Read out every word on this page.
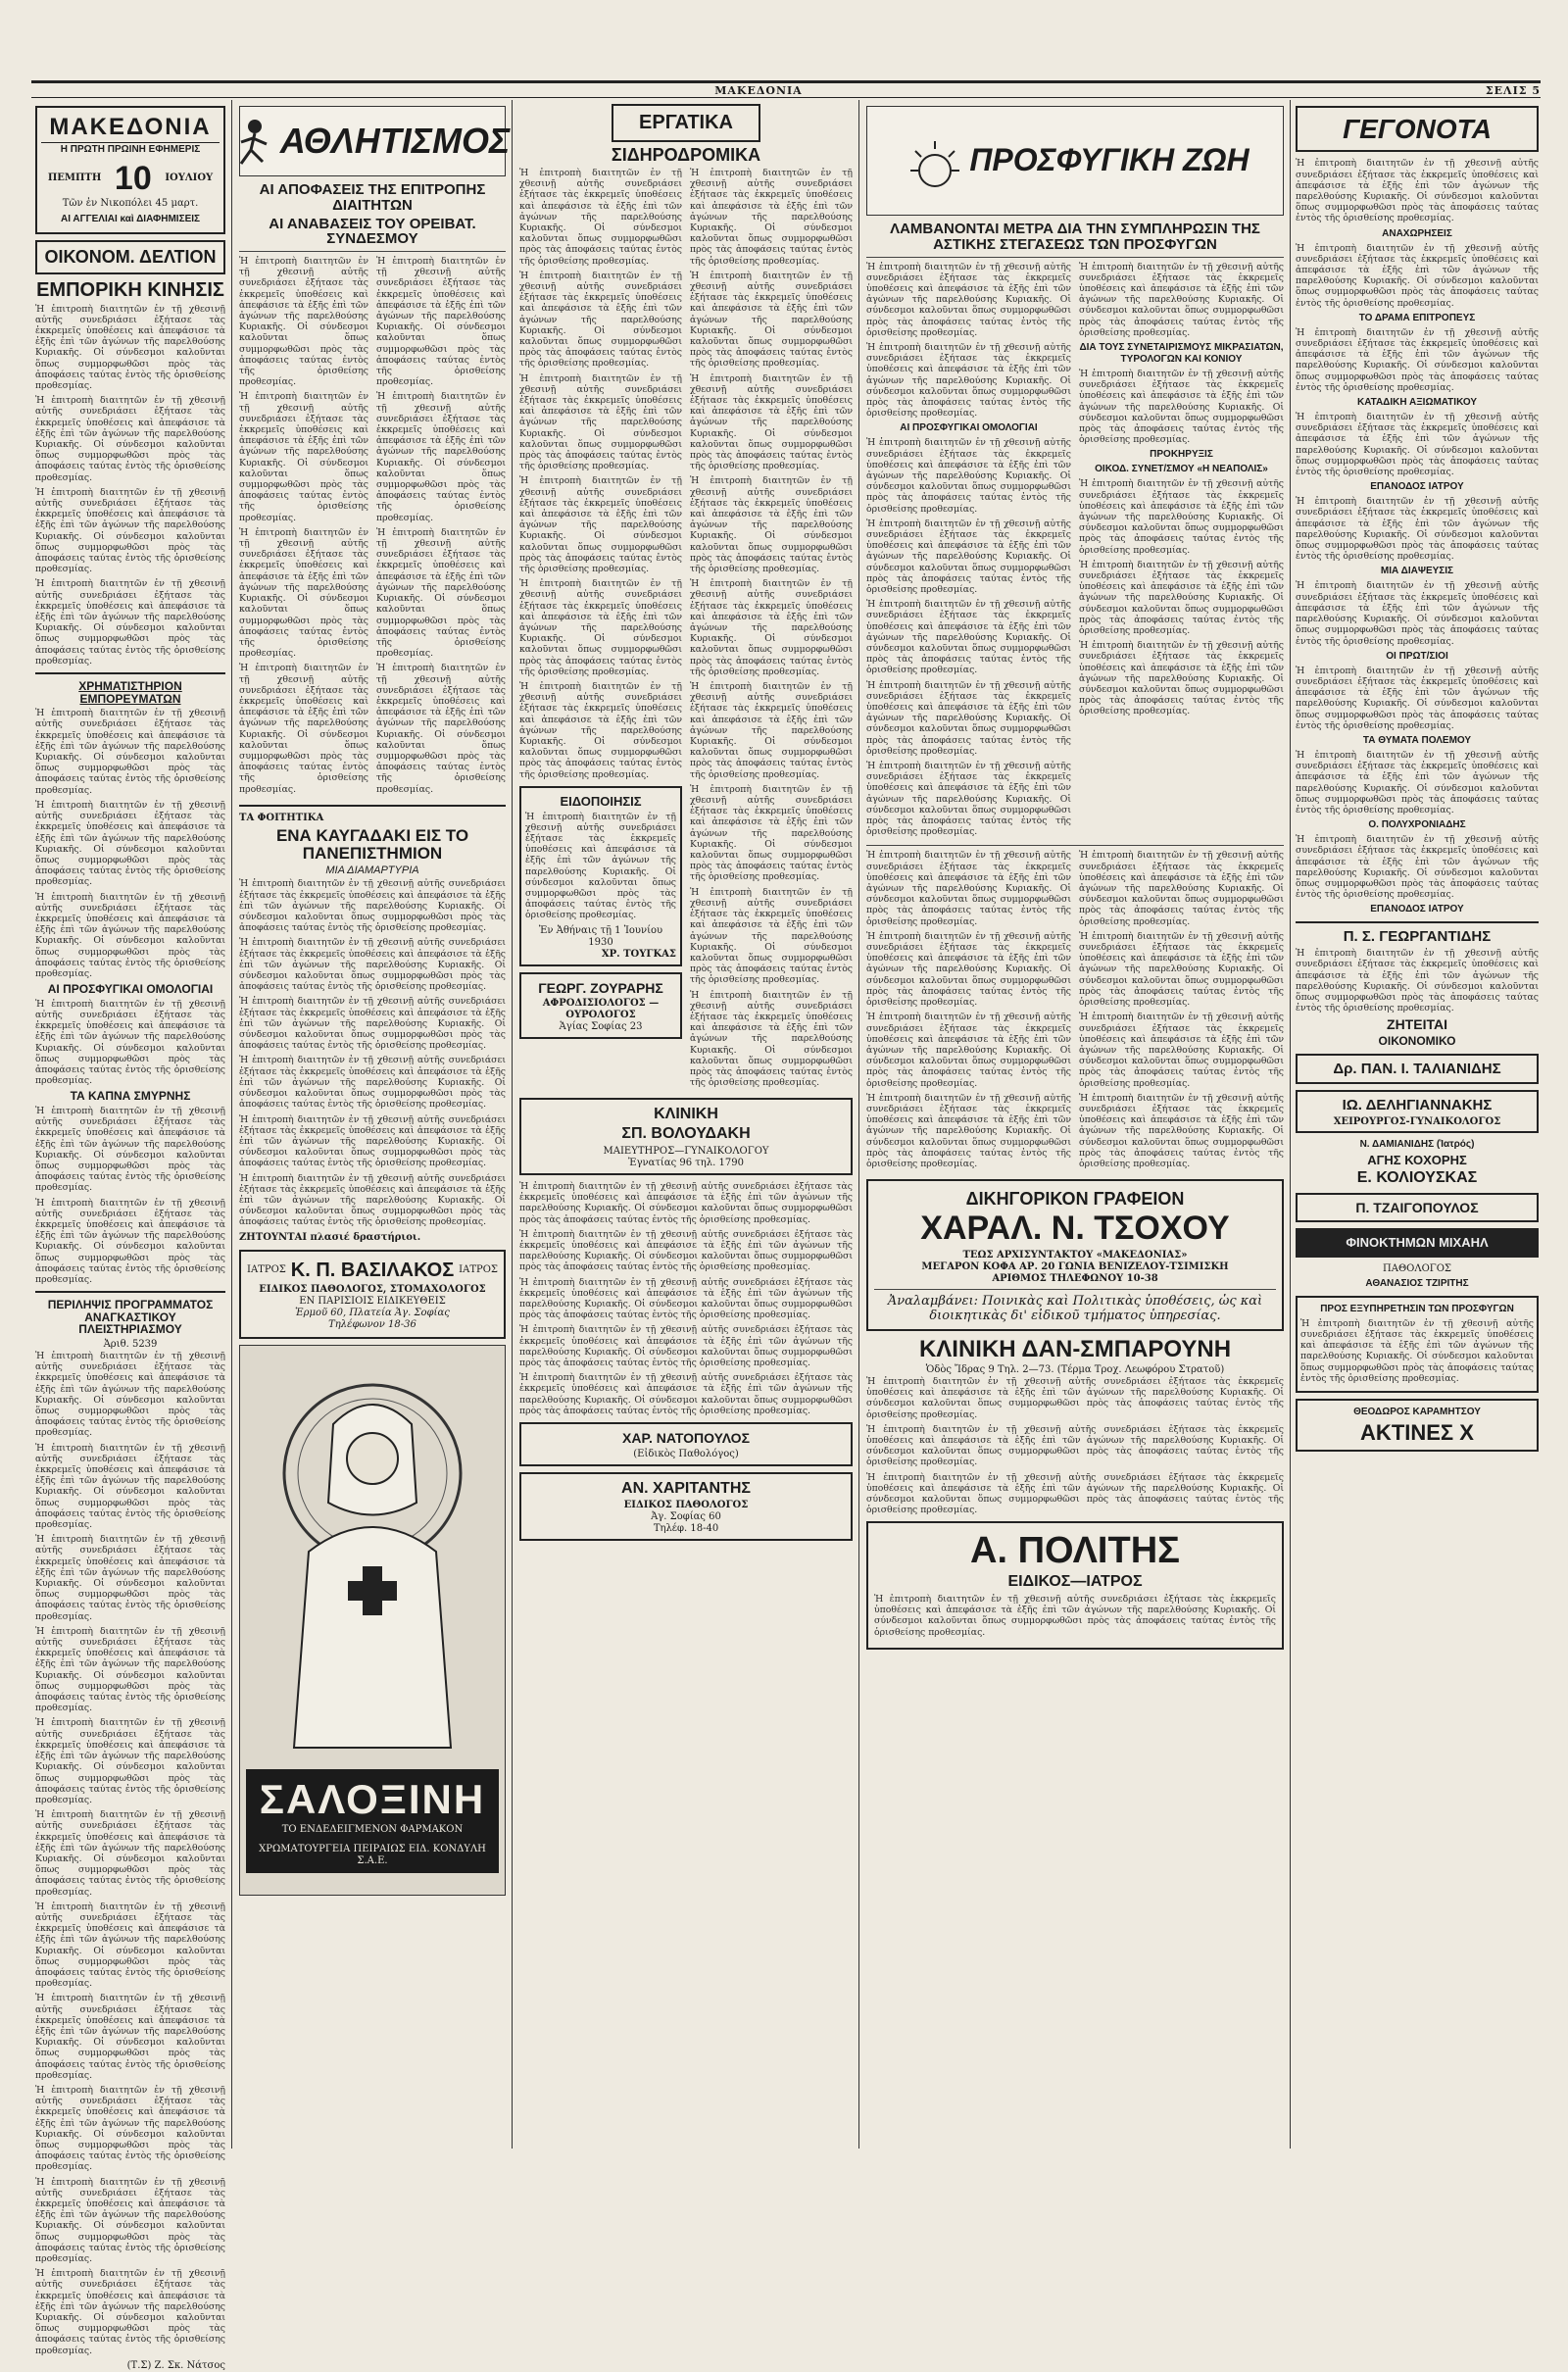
ΜΑΚΕΔΟΝΙΑ	ΣΕΛΙΣ 5
ΜΑΚΕΔΟΝΙΑ
Η ΠΡΩΤΗ ΠΡΩΙΝΗ ΕΦΗΜΕΡΙΣ
ΠΕΜΠΤΗ 10 ΙΟΥΛΙΟΥ
Τῶν ἐν Νικοπόλει 45 μαρτ.
ΑΙ ΑΓΓΕΛΙΑΙ καὶ ΔΙΑΦΗΜΙΣΕΙΣ
ΟΙΚΟΝΟΜ. ΔΕΛΤΙΟΝ
ΕΜΠΟΡΙΚΗ ΚΙΝΗΣΙΣ

Ἡ ἐπιτροπὴ διαιτητῶν ἐν τῇ χθεσινῇ αὐτῆς συνεδριάσει ἐξήτασε τὰς ἐκκρεμεῖς ὑποθέσεις καὶ ἀπεφάσισε τὰ ἑξῆς ἐπὶ τῶν ἀγώνων τῆς παρελθούσης Κυριακῆς. Οἱ σύνδεσμοι καλοῦνται ὅπως συμμορφωθῶσι πρὸς τὰς ἀποφάσεις ταύτας ἐντὸς τῆς ὁρισθείσης προθεσμίας.

Ἡ ἐπιτροπὴ διαιτητῶν ἐν τῇ χθεσινῇ αὐτῆς συνεδριάσει ἐξήτασε τὰς ἐκκρεμεῖς ὑποθέσεις καὶ ἀπεφάσισε τὰ ἑξῆς ἐπὶ τῶν ἀγώνων τῆς παρελθούσης Κυριακῆς. Οἱ σύνδεσμοι καλοῦνται ὅπως συμμορφωθῶσι πρὸς τὰς ἀποφάσεις ταύτας ἐντὸς τῆς ὁρισθείσης προθεσμίας.

Ἡ ἐπιτροπὴ διαιτητῶν ἐν τῇ χθεσινῇ αὐτῆς συνεδριάσει ἐξήτασε τὰς ἐκκρεμεῖς ὑποθέσεις καὶ ἀπεφάσισε τὰ ἑξῆς ἐπὶ τῶν ἀγώνων τῆς παρελθούσης Κυριακῆς. Οἱ σύνδεσμοι καλοῦνται ὅπως συμμορφωθῶσι πρὸς τὰς ἀποφάσεις ταύτας ἐντὸς τῆς ὁρισθείσης προθεσμίας.

Ἡ ἐπιτροπὴ διαιτητῶν ἐν τῇ χθεσινῇ αὐτῆς συνεδριάσει ἐξήτασε τὰς ἐκκρεμεῖς ὑποθέσεις καὶ ἀπεφάσισε τὰ ἑξῆς ἐπὶ τῶν ἀγώνων τῆς παρελθούσης Κυριακῆς. Οἱ σύνδεσμοι καλοῦνται ὅπως συμμορφωθῶσι πρὸς τὰς ἀποφάσεις ταύτας ἐντὸς τῆς ὁρισθείσης προθεσμίας.

ΧΡΗΜΑΤΙΣΤΗΡΙΟΝ ΕΜΠΟΡΕΥΜΑΤΩΝ

Ἡ ἐπιτροπὴ διαιτητῶν ἐν τῇ χθεσινῇ αὐτῆς συνεδριάσει ἐξήτασε τὰς ἐκκρεμεῖς ὑποθέσεις καὶ ἀπεφάσισε τὰ ἑξῆς ἐπὶ τῶν ἀγώνων τῆς παρελθούσης Κυριακῆς. Οἱ σύνδεσμοι καλοῦνται ὅπως συμμορφωθῶσι πρὸς τὰς ἀποφάσεις ταύτας ἐντὸς τῆς ὁρισθείσης προθεσμίας.

Ἡ ἐπιτροπὴ διαιτητῶν ἐν τῇ χθεσινῇ αὐτῆς συνεδριάσει ἐξήτασε τὰς ἐκκρεμεῖς ὑποθέσεις καὶ ἀπεφάσισε τὰ ἑξῆς ἐπὶ τῶν ἀγώνων τῆς παρελθούσης Κυριακῆς. Οἱ σύνδεσμοι καλοῦνται ὅπως συμμορφωθῶσι πρὸς τὰς ἀποφάσεις ταύτας ἐντὸς τῆς ὁρισθείσης προθεσμίας.

Ἡ ἐπιτροπὴ διαιτητῶν ἐν τῇ χθεσινῇ αὐτῆς συνεδριάσει ἐξήτασε τὰς ἐκκρεμεῖς ὑποθέσεις καὶ ἀπεφάσισε τὰ ἑξῆς ἐπὶ τῶν ἀγώνων τῆς παρελθούσης Κυριακῆς. Οἱ σύνδεσμοι καλοῦνται ὅπως συμμορφωθῶσι πρὸς τὰς ἀποφάσεις ταύτας ἐντὸς τῆς ὁρισθείσης προθεσμίας.

ΑΙ ΠΡΟΣΦΥΓΙΚΑΙ ΟΜΟΛΟΓΙΑΙ

Ἡ ἐπιτροπὴ διαιτητῶν ἐν τῇ χθεσινῇ αὐτῆς συνεδριάσει ἐξήτασε τὰς ἐκκρεμεῖς ὑποθέσεις καὶ ἀπεφάσισε τὰ ἑξῆς ἐπὶ τῶν ἀγώνων τῆς παρελθούσης Κυριακῆς. Οἱ σύνδεσμοι καλοῦνται ὅπως συμμορφωθῶσι πρὸς τὰς ἀποφάσεις ταύτας ἐντὸς τῆς ὁρισθείσης προθεσμίας.

ΤΑ ΚΑΠΝΑ ΣΜΥΡΝΗΣ

Ἡ ἐπιτροπὴ διαιτητῶν ἐν τῇ χθεσινῇ αὐτῆς συνεδριάσει ἐξήτασε τὰς ἐκκρεμεῖς ὑποθέσεις καὶ ἀπεφάσισε τὰ ἑξῆς ἐπὶ τῶν ἀγώνων τῆς παρελθούσης Κυριακῆς. Οἱ σύνδεσμοι καλοῦνται ὅπως συμμορφωθῶσι πρὸς τὰς ἀποφάσεις ταύτας ἐντὸς τῆς ὁρισθείσης προθεσμίας.

Ἡ ἐπιτροπὴ διαιτητῶν ἐν τῇ χθεσινῇ αὐτῆς συνεδριάσει ἐξήτασε τὰς ἐκκρεμεῖς ὑποθέσεις καὶ ἀπεφάσισε τὰ ἑξῆς ἐπὶ τῶν ἀγώνων τῆς παρελθούσης Κυριακῆς. Οἱ σύνδεσμοι καλοῦνται ὅπως συμμορφωθῶσι πρὸς τὰς ἀποφάσεις ταύτας ἐντὸς τῆς ὁρισθείσης προθεσμίας.

ΠΕΡΙΛΗΨΙΣ ΠΡΟΓΡΑΜΜΑΤΟΣ ΑΝΑΓΚΑΣΤΙΚΟΥ ΠΛΕΙΣΤΗΡΙΑΣΜΟΥ
Ἀριθ. 5239

Ἡ ἐπιτροπὴ διαιτητῶν ἐν τῇ χθεσινῇ αὐτῆς συνεδριάσει ἐξήτασε τὰς ἐκκρεμεῖς ὑποθέσεις καὶ ἀπεφάσισε τὰ ἑξῆς ἐπὶ τῶν ἀγώνων τῆς παρελθούσης Κυριακῆς. Οἱ σύνδεσμοι καλοῦνται ὅπως συμμορφωθῶσι πρὸς τὰς ἀποφάσεις ταύτας ἐντὸς τῆς ὁρισθείσης προθεσμίας.

Ἡ ἐπιτροπὴ διαιτητῶν ἐν τῇ χθεσινῇ αὐτῆς συνεδριάσει ἐξήτασε τὰς ἐκκρεμεῖς ὑποθέσεις καὶ ἀπεφάσισε τὰ ἑξῆς ἐπὶ τῶν ἀγώνων τῆς παρελθούσης Κυριακῆς. Οἱ σύνδεσμοι καλοῦνται ὅπως συμμορφωθῶσι πρὸς τὰς ἀποφάσεις ταύτας ἐντὸς τῆς ὁρισθείσης προθεσμίας.

Ἡ ἐπιτροπὴ διαιτητῶν ἐν τῇ χθεσινῇ αὐτῆς συνεδριάσει ἐξήτασε τὰς ἐκκρεμεῖς ὑποθέσεις καὶ ἀπεφάσισε τὰ ἑξῆς ἐπὶ τῶν ἀγώνων τῆς παρελθούσης Κυριακῆς. Οἱ σύνδεσμοι καλοῦνται ὅπως συμμορφωθῶσι πρὸς τὰς ἀποφάσεις ταύτας ἐντὸς τῆς ὁρισθείσης προθεσμίας.

Ἡ ἐπιτροπὴ διαιτητῶν ἐν τῇ χθεσινῇ αὐτῆς συνεδριάσει ἐξήτασε τὰς ἐκκρεμεῖς ὑποθέσεις καὶ ἀπεφάσισε τὰ ἑξῆς ἐπὶ τῶν ἀγώνων τῆς παρελθούσης Κυριακῆς. Οἱ σύνδεσμοι καλοῦνται ὅπως συμμορφωθῶσι πρὸς τὰς ἀποφάσεις ταύτας ἐντὸς τῆς ὁρισθείσης προθεσμίας.

Ἡ ἐπιτροπὴ διαιτητῶν ἐν τῇ χθεσινῇ αὐτῆς συνεδριάσει ἐξήτασε τὰς ἐκκρεμεῖς ὑποθέσεις καὶ ἀπεφάσισε τὰ ἑξῆς ἐπὶ τῶν ἀγώνων τῆς παρελθούσης Κυριακῆς. Οἱ σύνδεσμοι καλοῦνται ὅπως συμμορφωθῶσι πρὸς τὰς ἀποφάσεις ταύτας ἐντὸς τῆς ὁρισθείσης προθεσμίας.

Ἡ ἐπιτροπὴ διαιτητῶν ἐν τῇ χθεσινῇ αὐτῆς συνεδριάσει ἐξήτασε τὰς ἐκκρεμεῖς ὑποθέσεις καὶ ἀπεφάσισε τὰ ἑξῆς ἐπὶ τῶν ἀγώνων τῆς παρελθούσης Κυριακῆς. Οἱ σύνδεσμοι καλοῦνται ὅπως συμμορφωθῶσι πρὸς τὰς ἀποφάσεις ταύτας ἐντὸς τῆς ὁρισθείσης προθεσμίας.

Ἡ ἐπιτροπὴ διαιτητῶν ἐν τῇ χθεσινῇ αὐτῆς συνεδριάσει ἐξήτασε τὰς ἐκκρεμεῖς ὑποθέσεις καὶ ἀπεφάσισε τὰ ἑξῆς ἐπὶ τῶν ἀγώνων τῆς παρελθούσης Κυριακῆς. Οἱ σύνδεσμοι καλοῦνται ὅπως συμμορφωθῶσι πρὸς τὰς ἀποφάσεις ταύτας ἐντὸς τῆς ὁρισθείσης προθεσμίας.

Ἡ ἐπιτροπὴ διαιτητῶν ἐν τῇ χθεσινῇ αὐτῆς συνεδριάσει ἐξήτασε τὰς ἐκκρεμεῖς ὑποθέσεις καὶ ἀπεφάσισε τὰ ἑξῆς ἐπὶ τῶν ἀγώνων τῆς παρελθούσης Κυριακῆς. Οἱ σύνδεσμοι καλοῦνται ὅπως συμμορφωθῶσι πρὸς τὰς ἀποφάσεις ταύτας ἐντὸς τῆς ὁρισθείσης προθεσμίας.

Ἡ ἐπιτροπὴ διαιτητῶν ἐν τῇ χθεσινῇ αὐτῆς συνεδριάσει ἐξήτασε τὰς ἐκκρεμεῖς ὑποθέσεις καὶ ἀπεφάσισε τὰ ἑξῆς ἐπὶ τῶν ἀγώνων τῆς παρελθούσης Κυριακῆς. Οἱ σύνδεσμοι καλοῦνται ὅπως συμμορφωθῶσι πρὸς τὰς ἀποφάσεις ταύτας ἐντὸς τῆς ὁρισθείσης προθεσμίας.

Ἡ ἐπιτροπὴ διαιτητῶν ἐν τῇ χθεσινῇ αὐτῆς συνεδριάσει ἐξήτασε τὰς ἐκκρεμεῖς ὑποθέσεις καὶ ἀπεφάσισε τὰ ἑξῆς ἐπὶ τῶν ἀγώνων τῆς παρελθούσης Κυριακῆς. Οἱ σύνδεσμοι καλοῦνται ὅπως συμμορφωθῶσι πρὸς τὰς ἀποφάσεις ταύτας ἐντὸς τῆς ὁρισθείσης προθεσμίας.

Ἡ ἐπιτροπὴ διαιτητῶν ἐν τῇ χθεσινῇ αὐτῆς συνεδριάσει ἐξήτασε τὰς ἐκκρεμεῖς ὑποθέσεις καὶ ἀπεφάσισε τὰ ἑξῆς ἐπὶ τῶν ἀγώνων τῆς παρελθούσης Κυριακῆς. Οἱ σύνδεσμοι καλοῦνται ὅπως συμμορφωθῶσι πρὸς τὰς ἀποφάσεις ταύτας ἐντὸς τῆς ὁρισθείσης προθεσμίας.

(Τ.Σ) Ζ. Σκ. Νάτσος
ΑΘΛΗΤΙΣΜΟΣ
ΑΙ ΑΠΟΦΑΣΕΙΣ ΤΗΣ ΕΠΙΤΡΟΠΗΣ ΔΙΑΙΤΗΤΩΝ
ΑΙ ΑΝΑΒΑΣΕΙΣ ΤΟΥ ΟΡΕΙΒΑΤ. ΣΥΝΔΕΣΜΟΥ

Ἡ ἐπιτροπὴ διαιτητῶν ἐν τῇ χθεσινῇ αὐτῆς συνεδριάσει ἐξήτασε τὰς ἐκκρεμεῖς ὑποθέσεις καὶ ἀπεφάσισε τὰ ἑξῆς ἐπὶ τῶν ἀγώνων τῆς παρελθούσης Κυριακῆς. Οἱ σύνδεσμοι καλοῦνται ὅπως συμμορφωθῶσι πρὸς τὰς ἀποφάσεις ταύτας ἐντὸς τῆς ὁρισθείσης προθεσμίας.

Ἡ ἐπιτροπὴ διαιτητῶν ἐν τῇ χθεσινῇ αὐτῆς συνεδριάσει ἐξήτασε τὰς ἐκκρεμεῖς ὑποθέσεις καὶ ἀπεφάσισε τὰ ἑξῆς ἐπὶ τῶν ἀγώνων τῆς παρελθούσης Κυριακῆς. Οἱ σύνδεσμοι καλοῦνται ὅπως συμμορφωθῶσι πρὸς τὰς ἀποφάσεις ταύτας ἐντὸς τῆς ὁρισθείσης προθεσμίας.

Ἡ ἐπιτροπὴ διαιτητῶν ἐν τῇ χθεσινῇ αὐτῆς συνεδριάσει ἐξήτασε τὰς ἐκκρεμεῖς ὑποθέσεις καὶ ἀπεφάσισε τὰ ἑξῆς ἐπὶ τῶν ἀγώνων τῆς παρελθούσης Κυριακῆς. Οἱ σύνδεσμοι καλοῦνται ὅπως συμμορφωθῶσι πρὸς τὰς ἀποφάσεις ταύτας ἐντὸς τῆς ὁρισθείσης προθεσμίας.

Ἡ ἐπιτροπὴ διαιτητῶν ἐν τῇ χθεσινῇ αὐτῆς συνεδριάσει ἐξήτασε τὰς ἐκκρεμεῖς ὑποθέσεις καὶ ἀπεφάσισε τὰ ἑξῆς ἐπὶ τῶν ἀγώνων τῆς παρελθούσης Κυριακῆς. Οἱ σύνδεσμοι καλοῦνται ὅπως συμμορφωθῶσι πρὸς τὰς ἀποφάσεις ταύτας ἐντὸς τῆς ὁρισθείσης προθεσμίας.

Ἡ ἐπιτροπὴ διαιτητῶν ἐν τῇ χθεσινῇ αὐτῆς συνεδριάσει ἐξήτασε τὰς ἐκκρεμεῖς ὑποθέσεις καὶ ἀπεφάσισε τὰ ἑξῆς ἐπὶ τῶν ἀγώνων τῆς παρελθούσης Κυριακῆς. Οἱ σύνδεσμοι καλοῦνται ὅπως συμμορφωθῶσι πρὸς τὰς ἀποφάσεις ταύτας ἐντὸς τῆς ὁρισθείσης προθεσμίας.

Ἡ ἐπιτροπὴ διαιτητῶν ἐν τῇ χθεσινῇ αὐτῆς συνεδριάσει ἐξήτασε τὰς ἐκκρεμεῖς ὑποθέσεις καὶ ἀπεφάσισε τὰ ἑξῆς ἐπὶ τῶν ἀγώνων τῆς παρελθούσης Κυριακῆς. Οἱ σύνδεσμοι καλοῦνται ὅπως συμμορφωθῶσι πρὸς τὰς ἀποφάσεις ταύτας ἐντὸς τῆς ὁρισθείσης προθεσμίας.

Ἡ ἐπιτροπὴ διαιτητῶν ἐν τῇ χθεσινῇ αὐτῆς συνεδριάσει ἐξήτασε τὰς ἐκκρεμεῖς ὑποθέσεις καὶ ἀπεφάσισε τὰ ἑξῆς ἐπὶ τῶν ἀγώνων τῆς παρελθούσης Κυριακῆς. Οἱ σύνδεσμοι καλοῦνται ὅπως συμμορφωθῶσι πρὸς τὰς ἀποφάσεις ταύτας ἐντὸς τῆς ὁρισθείσης προθεσμίας.

Ἡ ἐπιτροπὴ διαιτητῶν ἐν τῇ χθεσινῇ αὐτῆς συνεδριάσει ἐξήτασε τὰς ἐκκρεμεῖς ὑποθέσεις καὶ ἀπεφάσισε τὰ ἑξῆς ἐπὶ τῶν ἀγώνων τῆς παρελθούσης Κυριακῆς. Οἱ σύνδεσμοι καλοῦνται ὅπως συμμορφωθῶσι πρὸς τὰς ἀποφάσεις ταύτας ἐντὸς τῆς ὁρισθείσης προθεσμίας.

ΤΑ ΦΟΙΤΗΤΙΚΑ
ΕΝΑ ΚΑΥΓΑΔΑΚΙ ΕΙΣ ΤΟ ΠΑΝΕΠΙΣΤΗΜΙΟΝ
ΜΙΑ ΔΙΑΜΑΡΤΥΡΙΑ

Ἡ ἐπιτροπὴ διαιτητῶν ἐν τῇ χθεσινῇ αὐτῆς συνεδριάσει ἐξήτασε τὰς ἐκκρεμεῖς ὑποθέσεις καὶ ἀπεφάσισε τὰ ἑξῆς ἐπὶ τῶν ἀγώνων τῆς παρελθούσης Κυριακῆς. Οἱ σύνδεσμοι καλοῦνται ὅπως συμμορφωθῶσι πρὸς τὰς ἀποφάσεις ταύτας ἐντὸς τῆς ὁρισθείσης προθεσμίας.

Ἡ ἐπιτροπὴ διαιτητῶν ἐν τῇ χθεσινῇ αὐτῆς συνεδριάσει ἐξήτασε τὰς ἐκκρεμεῖς ὑποθέσεις καὶ ἀπεφάσισε τὰ ἑξῆς ἐπὶ τῶν ἀγώνων τῆς παρελθούσης Κυριακῆς. Οἱ σύνδεσμοι καλοῦνται ὅπως συμμορφωθῶσι πρὸς τὰς ἀποφάσεις ταύτας ἐντὸς τῆς ὁρισθείσης προθεσμίας.

Ἡ ἐπιτροπὴ διαιτητῶν ἐν τῇ χθεσινῇ αὐτῆς συνεδριάσει ἐξήτασε τὰς ἐκκρεμεῖς ὑποθέσεις καὶ ἀπεφάσισε τὰ ἑξῆς ἐπὶ τῶν ἀγώνων τῆς παρελθούσης Κυριακῆς. Οἱ σύνδεσμοι καλοῦνται ὅπως συμμορφωθῶσι πρὸς τὰς ἀποφάσεις ταύτας ἐντὸς τῆς ὁρισθείσης προθεσμίας.

Ἡ ἐπιτροπὴ διαιτητῶν ἐν τῇ χθεσινῇ αὐτῆς συνεδριάσει ἐξήτασε τὰς ἐκκρεμεῖς ὑποθέσεις καὶ ἀπεφάσισε τὰ ἑξῆς ἐπὶ τῶν ἀγώνων τῆς παρελθούσης Κυριακῆς. Οἱ σύνδεσμοι καλοῦνται ὅπως συμμορφωθῶσι πρὸς τὰς ἀποφάσεις ταύτας ἐντὸς τῆς ὁρισθείσης προθεσμίας.

Ἡ ἐπιτροπὴ διαιτητῶν ἐν τῇ χθεσινῇ αὐτῆς συνεδριάσει ἐξήτασε τὰς ἐκκρεμεῖς ὑποθέσεις καὶ ἀπεφάσισε τὰ ἑξῆς ἐπὶ τῶν ἀγώνων τῆς παρελθούσης Κυριακῆς. Οἱ σύνδεσμοι καλοῦνται ὅπως συμμορφωθῶσι πρὸς τὰς ἀποφάσεις ταύτας ἐντὸς τῆς ὁρισθείσης προθεσμίας.

Ἡ ἐπιτροπὴ διαιτητῶν ἐν τῇ χθεσινῇ αὐτῆς συνεδριάσει ἐξήτασε τὰς ἐκκρεμεῖς ὑποθέσεις καὶ ἀπεφάσισε τὰ ἑξῆς ἐπὶ τῶν ἀγώνων τῆς παρελθούσης Κυριακῆς. Οἱ σύνδεσμοι καλοῦνται ὅπως συμμορφωθῶσι πρὸς τὰς ἀποφάσεις ταύτας ἐντὸς τῆς ὁρισθείσης προθεσμίας.

ΖΗΤΟΥΝΤΑΙ πλασιέ δραστήριοι.
ΙΑΤΡΟΣ Κ. Π. ΒΑΣΙΛΑΚΟΣ ΙΑΤΡΟΣ
ΕΙΔΙΚΟΣ ΠΑΘΟΛΟΓΟΣ, ΣΤΟΜΑΧΟΛΟΓΟΣ
ΕΝ ΠΑΡΙΣΙΟΙΣ ΕΙΔΙΚΕΥΘΕΙΣ
Ἑρμοῦ 60, Πλατεία Ἁγ. Σοφίας
Τηλέφωνον 18-36
ΣΑΛΟΞΙΝΗ
ΤΟ ΕΝΔΕΔΕΙΓΜΕΝΟΝ ΦΑΡΜΑΚΟΝ
ΧΡΩΜΑΤΟΥΡΓΕΙΑ ΠΕΙΡΑΙΩΣ ΕΙΔ. ΚΟΝΔΥΛΗ Σ.Α.Ε.
ΕΡΓΑΤΙΚΑ
ΣΙΔΗΡΟΔΡΟΜΙΚΑ

Ἡ ἐπιτροπὴ διαιτητῶν ἐν τῇ χθεσινῇ αὐτῆς συνεδριάσει ἐξήτασε τὰς ἐκκρεμεῖς ὑποθέσεις καὶ ἀπεφάσισε τὰ ἑξῆς ἐπὶ τῶν ἀγώνων τῆς παρελθούσης Κυριακῆς. Οἱ σύνδεσμοι καλοῦνται ὅπως συμμορφωθῶσι πρὸς τὰς ἀποφάσεις ταύτας ἐντὸς τῆς ὁρισθείσης προθεσμίας.

Ἡ ἐπιτροπὴ διαιτητῶν ἐν τῇ χθεσινῇ αὐτῆς συνεδριάσει ἐξήτασε τὰς ἐκκρεμεῖς ὑποθέσεις καὶ ἀπεφάσισε τὰ ἑξῆς ἐπὶ τῶν ἀγώνων τῆς παρελθούσης Κυριακῆς. Οἱ σύνδεσμοι καλοῦνται ὅπως συμμορφωθῶσι πρὸς τὰς ἀποφάσεις ταύτας ἐντὸς τῆς ὁρισθείσης προθεσμίας.

Ἡ ἐπιτροπὴ διαιτητῶν ἐν τῇ χθεσινῇ αὐτῆς συνεδριάσει ἐξήτασε τὰς ἐκκρεμεῖς ὑποθέσεις καὶ ἀπεφάσισε τὰ ἑξῆς ἐπὶ τῶν ἀγώνων τῆς παρελθούσης Κυριακῆς. Οἱ σύνδεσμοι καλοῦνται ὅπως συμμορφωθῶσι πρὸς τὰς ἀποφάσεις ταύτας ἐντὸς τῆς ὁρισθείσης προθεσμίας.

Ἡ ἐπιτροπὴ διαιτητῶν ἐν τῇ χθεσινῇ αὐτῆς συνεδριάσει ἐξήτασε τὰς ἐκκρεμεῖς ὑποθέσεις καὶ ἀπεφάσισε τὰ ἑξῆς ἐπὶ τῶν ἀγώνων τῆς παρελθούσης Κυριακῆς. Οἱ σύνδεσμοι καλοῦνται ὅπως συμμορφωθῶσι πρὸς τὰς ἀποφάσεις ταύτας ἐντὸς τῆς ὁρισθείσης προθεσμίας.

Ἡ ἐπιτροπὴ διαιτητῶν ἐν τῇ χθεσινῇ αὐτῆς συνεδριάσει ἐξήτασε τὰς ἐκκρεμεῖς ὑποθέσεις καὶ ἀπεφάσισε τὰ ἑξῆς ἐπὶ τῶν ἀγώνων τῆς παρελθούσης Κυριακῆς. Οἱ σύνδεσμοι καλοῦνται ὅπως συμμορφωθῶσι πρὸς τὰς ἀποφάσεις ταύτας ἐντὸς τῆς ὁρισθείσης προθεσμίας.

Ἡ ἐπιτροπὴ διαιτητῶν ἐν τῇ χθεσινῇ αὐτῆς συνεδριάσει ἐξήτασε τὰς ἐκκρεμεῖς ὑποθέσεις καὶ ἀπεφάσισε τὰ ἑξῆς ἐπὶ τῶν ἀγώνων τῆς παρελθούσης Κυριακῆς. Οἱ σύνδεσμοι καλοῦνται ὅπως συμμορφωθῶσι πρὸς τὰς ἀποφάσεις ταύτας ἐντὸς τῆς ὁρισθείσης προθεσμίας.

ΕΙΔΟΠΟΙΗΣΙΣ

Ἡ ἐπιτροπὴ διαιτητῶν ἐν τῇ χθεσινῇ αὐτῆς συνεδριάσει ἐξήτασε τὰς ἐκκρεμεῖς ὑποθέσεις καὶ ἀπεφάσισε τὰ ἑξῆς ἐπὶ τῶν ἀγώνων τῆς παρελθούσης Κυριακῆς. Οἱ σύνδεσμοι καλοῦνται ὅπως συμμορφωθῶσι πρὸς τὰς ἀποφάσεις ταύτας ἐντὸς τῆς ὁρισθείσης προθεσμίας.

Ἐν Ἀθήναις τῇ 1 Ἰουνίου 1930
ΧΡ. ΤΟΥΓΚΑΣ
ΓΕΩΡΓ. ΖΟΥΡΑΡΗΣ
ΑΦΡΟΔΙΣΙΟΛΟΓΟΣ — ΟΥΡΟΛΟΓΟΣ
Ἁγίας Σοφίας 23

Ἡ ἐπιτροπὴ διαιτητῶν ἐν τῇ χθεσινῇ αὐτῆς συνεδριάσει ἐξήτασε τὰς ἐκκρεμεῖς ὑποθέσεις καὶ ἀπεφάσισε τὰ ἑξῆς ἐπὶ τῶν ἀγώνων τῆς παρελθούσης Κυριακῆς. Οἱ σύνδεσμοι καλοῦνται ὅπως συμμορφωθῶσι πρὸς τὰς ἀποφάσεις ταύτας ἐντὸς τῆς ὁρισθείσης προθεσμίας.

Ἡ ἐπιτροπὴ διαιτητῶν ἐν τῇ χθεσινῇ αὐτῆς συνεδριάσει ἐξήτασε τὰς ἐκκρεμεῖς ὑποθέσεις καὶ ἀπεφάσισε τὰ ἑξῆς ἐπὶ τῶν ἀγώνων τῆς παρελθούσης Κυριακῆς. Οἱ σύνδεσμοι καλοῦνται ὅπως συμμορφωθῶσι πρὸς τὰς ἀποφάσεις ταύτας ἐντὸς τῆς ὁρισθείσης προθεσμίας.

Ἡ ἐπιτροπὴ διαιτητῶν ἐν τῇ χθεσινῇ αὐτῆς συνεδριάσει ἐξήτασε τὰς ἐκκρεμεῖς ὑποθέσεις καὶ ἀπεφάσισε τὰ ἑξῆς ἐπὶ τῶν ἀγώνων τῆς παρελθούσης Κυριακῆς. Οἱ σύνδεσμοι καλοῦνται ὅπως συμμορφωθῶσι πρὸς τὰς ἀποφάσεις ταύτας ἐντὸς τῆς ὁρισθείσης προθεσμίας.

Ἡ ἐπιτροπὴ διαιτητῶν ἐν τῇ χθεσινῇ αὐτῆς συνεδριάσει ἐξήτασε τὰς ἐκκρεμεῖς ὑποθέσεις καὶ ἀπεφάσισε τὰ ἑξῆς ἐπὶ τῶν ἀγώνων τῆς παρελθούσης Κυριακῆς. Οἱ σύνδεσμοι καλοῦνται ὅπως συμμορφωθῶσι πρὸς τὰς ἀποφάσεις ταύτας ἐντὸς τῆς ὁρισθείσης προθεσμίας.

Ἡ ἐπιτροπὴ διαιτητῶν ἐν τῇ χθεσινῇ αὐτῆς συνεδριάσει ἐξήτασε τὰς ἐκκρεμεῖς ὑποθέσεις καὶ ἀπεφάσισε τὰ ἑξῆς ἐπὶ τῶν ἀγώνων τῆς παρελθούσης Κυριακῆς. Οἱ σύνδεσμοι καλοῦνται ὅπως συμμορφωθῶσι πρὸς τὰς ἀποφάσεις ταύτας ἐντὸς τῆς ὁρισθείσης προθεσμίας.

Ἡ ἐπιτροπὴ διαιτητῶν ἐν τῇ χθεσινῇ αὐτῆς συνεδριάσει ἐξήτασε τὰς ἐκκρεμεῖς ὑποθέσεις καὶ ἀπεφάσισε τὰ ἑξῆς ἐπὶ τῶν ἀγώνων τῆς παρελθούσης Κυριακῆς. Οἱ σύνδεσμοι καλοῦνται ὅπως συμμορφωθῶσι πρὸς τὰς ἀποφάσεις ταύτας ἐντὸς τῆς ὁρισθείσης προθεσμίας.

Ἡ ἐπιτροπὴ διαιτητῶν ἐν τῇ χθεσινῇ αὐτῆς συνεδριάσει ἐξήτασε τὰς ἐκκρεμεῖς ὑποθέσεις καὶ ἀπεφάσισε τὰ ἑξῆς ἐπὶ τῶν ἀγώνων τῆς παρελθούσης Κυριακῆς. Οἱ σύνδεσμοι καλοῦνται ὅπως συμμορφωθῶσι πρὸς τὰς ἀποφάσεις ταύτας ἐντὸς τῆς ὁρισθείσης προθεσμίας.

Ἡ ἐπιτροπὴ διαιτητῶν ἐν τῇ χθεσινῇ αὐτῆς συνεδριάσει ἐξήτασε τὰς ἐκκρεμεῖς ὑποθέσεις καὶ ἀπεφάσισε τὰ ἑξῆς ἐπὶ τῶν ἀγώνων τῆς παρελθούσης Κυριακῆς. Οἱ σύνδεσμοι καλοῦνται ὅπως συμμορφωθῶσι πρὸς τὰς ἀποφάσεις ταύτας ἐντὸς τῆς ὁρισθείσης προθεσμίας.

Ἡ ἐπιτροπὴ διαιτητῶν ἐν τῇ χθεσινῇ αὐτῆς συνεδριάσει ἐξήτασε τὰς ἐκκρεμεῖς ὑποθέσεις καὶ ἀπεφάσισε τὰ ἑξῆς ἐπὶ τῶν ἀγώνων τῆς παρελθούσης Κυριακῆς. Οἱ σύνδεσμοι καλοῦνται ὅπως συμμορφωθῶσι πρὸς τὰς ἀποφάσεις ταύτας ἐντὸς τῆς ὁρισθείσης προθεσμίας.

ΚΛΙΝΙΚΗ
ΣΠ. ΒΟΛΟΥΔΑΚΗ
ΜΑΙΕΥΤΗΡΟΣ—ΓΥΝΑΙΚΟΛΟΓΟΥ
Ἐγνατίας 96 τηλ. 1790

Ἡ ἐπιτροπὴ διαιτητῶν ἐν τῇ χθεσινῇ αὐτῆς συνεδριάσει ἐξήτασε τὰς ἐκκρεμεῖς ὑποθέσεις καὶ ἀπεφάσισε τὰ ἑξῆς ἐπὶ τῶν ἀγώνων τῆς παρελθούσης Κυριακῆς. Οἱ σύνδεσμοι καλοῦνται ὅπως συμμορφωθῶσι πρὸς τὰς ἀποφάσεις ταύτας ἐντὸς τῆς ὁρισθείσης προθεσμίας.

Ἡ ἐπιτροπὴ διαιτητῶν ἐν τῇ χθεσινῇ αὐτῆς συνεδριάσει ἐξήτασε τὰς ἐκκρεμεῖς ὑποθέσεις καὶ ἀπεφάσισε τὰ ἑξῆς ἐπὶ τῶν ἀγώνων τῆς παρελθούσης Κυριακῆς. Οἱ σύνδεσμοι καλοῦνται ὅπως συμμορφωθῶσι πρὸς τὰς ἀποφάσεις ταύτας ἐντὸς τῆς ὁρισθείσης προθεσμίας.

Ἡ ἐπιτροπὴ διαιτητῶν ἐν τῇ χθεσινῇ αὐτῆς συνεδριάσει ἐξήτασε τὰς ἐκκρεμεῖς ὑποθέσεις καὶ ἀπεφάσισε τὰ ἑξῆς ἐπὶ τῶν ἀγώνων τῆς παρελθούσης Κυριακῆς. Οἱ σύνδεσμοι καλοῦνται ὅπως συμμορφωθῶσι πρὸς τὰς ἀποφάσεις ταύτας ἐντὸς τῆς ὁρισθείσης προθεσμίας.

Ἡ ἐπιτροπὴ διαιτητῶν ἐν τῇ χθεσινῇ αὐτῆς συνεδριάσει ἐξήτασε τὰς ἐκκρεμεῖς ὑποθέσεις καὶ ἀπεφάσισε τὰ ἑξῆς ἐπὶ τῶν ἀγώνων τῆς παρελθούσης Κυριακῆς. Οἱ σύνδεσμοι καλοῦνται ὅπως συμμορφωθῶσι πρὸς τὰς ἀποφάσεις ταύτας ἐντὸς τῆς ὁρισθείσης προθεσμίας.

Ἡ ἐπιτροπὴ διαιτητῶν ἐν τῇ χθεσινῇ αὐτῆς συνεδριάσει ἐξήτασε τὰς ἐκκρεμεῖς ὑποθέσεις καὶ ἀπεφάσισε τὰ ἑξῆς ἐπὶ τῶν ἀγώνων τῆς παρελθούσης Κυριακῆς. Οἱ σύνδεσμοι καλοῦνται ὅπως συμμορφωθῶσι πρὸς τὰς ἀποφάσεις ταύτας ἐντὸς τῆς ὁρισθείσης προθεσμίας.

ΧΑΡ. ΝΑΤΟΠΟΥΛΟΣ
(Εἰδικὸς Παθολόγος)
ΑΝ. ΧΑΡΙΤΑΝΤΗΣ
ΕΙΔΙΚΟΣ ΠΑΘΟΛΟΓΟΣ
Ἀγ. Σοφίας 60
Τηλέφ. 18-40
ΠΡΟΣΦΥΓΙΚΗ ΖΩΗ
ΛΑΜΒΑΝΟΝΤΑΙ ΜΕΤΡΑ ΔΙΑ ΤΗΝ ΣΥΜΠΛΗΡΩΣΙΝ ΤΗΣ ΑΣΤΙΚΗΣ ΣΤΕΓΑΣΕΩΣ ΤΩΝ ΠΡΟΣΦΥΓΩΝ

Ἡ ἐπιτροπὴ διαιτητῶν ἐν τῇ χθεσινῇ αὐτῆς συνεδριάσει ἐξήτασε τὰς ἐκκρεμεῖς ὑποθέσεις καὶ ἀπεφάσισε τὰ ἑξῆς ἐπὶ τῶν ἀγώνων τῆς παρελθούσης Κυριακῆς. Οἱ σύνδεσμοι καλοῦνται ὅπως συμμορφωθῶσι πρὸς τὰς ἀποφάσεις ταύτας ἐντὸς τῆς ὁρισθείσης προθεσμίας.

Ἡ ἐπιτροπὴ διαιτητῶν ἐν τῇ χθεσινῇ αὐτῆς συνεδριάσει ἐξήτασε τὰς ἐκκρεμεῖς ὑποθέσεις καὶ ἀπεφάσισε τὰ ἑξῆς ἐπὶ τῶν ἀγώνων τῆς παρελθούσης Κυριακῆς. Οἱ σύνδεσμοι καλοῦνται ὅπως συμμορφωθῶσι πρὸς τὰς ἀποφάσεις ταύτας ἐντὸς τῆς ὁρισθείσης προθεσμίας.

ΑΙ ΠΡΟΣΦΥΓΙΚΑΙ ΟΜΟΛΟΓΙΑΙ

Ἡ ἐπιτροπὴ διαιτητῶν ἐν τῇ χθεσινῇ αὐτῆς συνεδριάσει ἐξήτασε τὰς ἐκκρεμεῖς ὑποθέσεις καὶ ἀπεφάσισε τὰ ἑξῆς ἐπὶ τῶν ἀγώνων τῆς παρελθούσης Κυριακῆς. Οἱ σύνδεσμοι καλοῦνται ὅπως συμμορφωθῶσι πρὸς τὰς ἀποφάσεις ταύτας ἐντὸς τῆς ὁρισθείσης προθεσμίας.

Ἡ ἐπιτροπὴ διαιτητῶν ἐν τῇ χθεσινῇ αὐτῆς συνεδριάσει ἐξήτασε τὰς ἐκκρεμεῖς ὑποθέσεις καὶ ἀπεφάσισε τὰ ἑξῆς ἐπὶ τῶν ἀγώνων τῆς παρελθούσης Κυριακῆς. Οἱ σύνδεσμοι καλοῦνται ὅπως συμμορφωθῶσι πρὸς τὰς ἀποφάσεις ταύτας ἐντὸς τῆς ὁρισθείσης προθεσμίας.

Ἡ ἐπιτροπὴ διαιτητῶν ἐν τῇ χθεσινῇ αὐτῆς συνεδριάσει ἐξήτασε τὰς ἐκκρεμεῖς ὑποθέσεις καὶ ἀπεφάσισε τὰ ἑξῆς ἐπὶ τῶν ἀγώνων τῆς παρελθούσης Κυριακῆς. Οἱ σύνδεσμοι καλοῦνται ὅπως συμμορφωθῶσι πρὸς τὰς ἀποφάσεις ταύτας ἐντὸς τῆς ὁρισθείσης προθεσμίας.

Ἡ ἐπιτροπὴ διαιτητῶν ἐν τῇ χθεσινῇ αὐτῆς συνεδριάσει ἐξήτασε τὰς ἐκκρεμεῖς ὑποθέσεις καὶ ἀπεφάσισε τὰ ἑξῆς ἐπὶ τῶν ἀγώνων τῆς παρελθούσης Κυριακῆς. Οἱ σύνδεσμοι καλοῦνται ὅπως συμμορφωθῶσι πρὸς τὰς ἀποφάσεις ταύτας ἐντὸς τῆς ὁρισθείσης προθεσμίας.

Ἡ ἐπιτροπὴ διαιτητῶν ἐν τῇ χθεσινῇ αὐτῆς συνεδριάσει ἐξήτασε τὰς ἐκκρεμεῖς ὑποθέσεις καὶ ἀπεφάσισε τὰ ἑξῆς ἐπὶ τῶν ἀγώνων τῆς παρελθούσης Κυριακῆς. Οἱ σύνδεσμοι καλοῦνται ὅπως συμμορφωθῶσι πρὸς τὰς ἀποφάσεις ταύτας ἐντὸς τῆς ὁρισθείσης προθεσμίας.

Ἡ ἐπιτροπὴ διαιτητῶν ἐν τῇ χθεσινῇ αὐτῆς συνεδριάσει ἐξήτασε τὰς ἐκκρεμεῖς ὑποθέσεις καὶ ἀπεφάσισε τὰ ἑξῆς ἐπὶ τῶν ἀγώνων τῆς παρελθούσης Κυριακῆς. Οἱ σύνδεσμοι καλοῦνται ὅπως συμμορφωθῶσι πρὸς τὰς ἀποφάσεις ταύτας ἐντὸς τῆς ὁρισθείσης προθεσμίας.

ΔΙΑ ΤΟΥΣ ΣΥΝΕΤΑΙΡΙΣΜΟΥΣ ΜΙΚΡΑΣΙΑΤΩΝ, ΤΥΡΟΛΟΓΩΝ ΚΑΙ ΚΟΝΙΟΥ

Ἡ ἐπιτροπὴ διαιτητῶν ἐν τῇ χθεσινῇ αὐτῆς συνεδριάσει ἐξήτασε τὰς ἐκκρεμεῖς ὑποθέσεις καὶ ἀπεφάσισε τὰ ἑξῆς ἐπὶ τῶν ἀγώνων τῆς παρελθούσης Κυριακῆς. Οἱ σύνδεσμοι καλοῦνται ὅπως συμμορφωθῶσι πρὸς τὰς ἀποφάσεις ταύτας ἐντὸς τῆς ὁρισθείσης προθεσμίας.

ΠΡΟΚΗΡΥΞΙΣ
ΟΙΚΟΔ. ΣΥΝΕΤ/ΣΜΟΥ «Η ΝΕΑΠΟΛΙΣ»

Ἡ ἐπιτροπὴ διαιτητῶν ἐν τῇ χθεσινῇ αὐτῆς συνεδριάσει ἐξήτασε τὰς ἐκκρεμεῖς ὑποθέσεις καὶ ἀπεφάσισε τὰ ἑξῆς ἐπὶ τῶν ἀγώνων τῆς παρελθούσης Κυριακῆς. Οἱ σύνδεσμοι καλοῦνται ὅπως συμμορφωθῶσι πρὸς τὰς ἀποφάσεις ταύτας ἐντὸς τῆς ὁρισθείσης προθεσμίας.

Ἡ ἐπιτροπὴ διαιτητῶν ἐν τῇ χθεσινῇ αὐτῆς συνεδριάσει ἐξήτασε τὰς ἐκκρεμεῖς ὑποθέσεις καὶ ἀπεφάσισε τὰ ἑξῆς ἐπὶ τῶν ἀγώνων τῆς παρελθούσης Κυριακῆς. Οἱ σύνδεσμοι καλοῦνται ὅπως συμμορφωθῶσι πρὸς τὰς ἀποφάσεις ταύτας ἐντὸς τῆς ὁρισθείσης προθεσμίας.

Ἡ ἐπιτροπὴ διαιτητῶν ἐν τῇ χθεσινῇ αὐτῆς συνεδριάσει ἐξήτασε τὰς ἐκκρεμεῖς ὑποθέσεις καὶ ἀπεφάσισε τὰ ἑξῆς ἐπὶ τῶν ἀγώνων τῆς παρελθούσης Κυριακῆς. Οἱ σύνδεσμοι καλοῦνται ὅπως συμμορφωθῶσι πρὸς τὰς ἀποφάσεις ταύτας ἐντὸς τῆς ὁρισθείσης προθεσμίας.

Ἡ ἐπιτροπὴ διαιτητῶν ἐν τῇ χθεσινῇ αὐτῆς συνεδριάσει ἐξήτασε τὰς ἐκκρεμεῖς ὑποθέσεις καὶ ἀπεφάσισε τὰ ἑξῆς ἐπὶ τῶν ἀγώνων τῆς παρελθούσης Κυριακῆς. Οἱ σύνδεσμοι καλοῦνται ὅπως συμμορφωθῶσι πρὸς τὰς ἀποφάσεις ταύτας ἐντὸς τῆς ὁρισθείσης προθεσμίας.

Ἡ ἐπιτροπὴ διαιτητῶν ἐν τῇ χθεσινῇ αὐτῆς συνεδριάσει ἐξήτασε τὰς ἐκκρεμεῖς ὑποθέσεις καὶ ἀπεφάσισε τὰ ἑξῆς ἐπὶ τῶν ἀγώνων τῆς παρελθούσης Κυριακῆς. Οἱ σύνδεσμοι καλοῦνται ὅπως συμμορφωθῶσι πρὸς τὰς ἀποφάσεις ταύτας ἐντὸς τῆς ὁρισθείσης προθεσμίας.

Ἡ ἐπιτροπὴ διαιτητῶν ἐν τῇ χθεσινῇ αὐτῆς συνεδριάσει ἐξήτασε τὰς ἐκκρεμεῖς ὑποθέσεις καὶ ἀπεφάσισε τὰ ἑξῆς ἐπὶ τῶν ἀγώνων τῆς παρελθούσης Κυριακῆς. Οἱ σύνδεσμοι καλοῦνται ὅπως συμμορφωθῶσι πρὸς τὰς ἀποφάσεις ταύτας ἐντὸς τῆς ὁρισθείσης προθεσμίας.

Ἡ ἐπιτροπὴ διαιτητῶν ἐν τῇ χθεσινῇ αὐτῆς συνεδριάσει ἐξήτασε τὰς ἐκκρεμεῖς ὑποθέσεις καὶ ἀπεφάσισε τὰ ἑξῆς ἐπὶ τῶν ἀγώνων τῆς παρελθούσης Κυριακῆς. Οἱ σύνδεσμοι καλοῦνται ὅπως συμμορφωθῶσι πρὸς τὰς ἀποφάσεις ταύτας ἐντὸς τῆς ὁρισθείσης προθεσμίας.

Ἡ ἐπιτροπὴ διαιτητῶν ἐν τῇ χθεσινῇ αὐτῆς συνεδριάσει ἐξήτασε τὰς ἐκκρεμεῖς ὑποθέσεις καὶ ἀπεφάσισε τὰ ἑξῆς ἐπὶ τῶν ἀγώνων τῆς παρελθούσης Κυριακῆς. Οἱ σύνδεσμοι καλοῦνται ὅπως συμμορφωθῶσι πρὸς τὰς ἀποφάσεις ταύτας ἐντὸς τῆς ὁρισθείσης προθεσμίας.

Ἡ ἐπιτροπὴ διαιτητῶν ἐν τῇ χθεσινῇ αὐτῆς συνεδριάσει ἐξήτασε τὰς ἐκκρεμεῖς ὑποθέσεις καὶ ἀπεφάσισε τὰ ἑξῆς ἐπὶ τῶν ἀγώνων τῆς παρελθούσης Κυριακῆς. Οἱ σύνδεσμοι καλοῦνται ὅπως συμμορφωθῶσι πρὸς τὰς ἀποφάσεις ταύτας ἐντὸς τῆς ὁρισθείσης προθεσμίας.

Ἡ ἐπιτροπὴ διαιτητῶν ἐν τῇ χθεσινῇ αὐτῆς συνεδριάσει ἐξήτασε τὰς ἐκκρεμεῖς ὑποθέσεις καὶ ἀπεφάσισε τὰ ἑξῆς ἐπὶ τῶν ἀγώνων τῆς παρελθούσης Κυριακῆς. Οἱ σύνδεσμοι καλοῦνται ὅπως συμμορφωθῶσι πρὸς τὰς ἀποφάσεις ταύτας ἐντὸς τῆς ὁρισθείσης προθεσμίας.

Ἡ ἐπιτροπὴ διαιτητῶν ἐν τῇ χθεσινῇ αὐτῆς συνεδριάσει ἐξήτασε τὰς ἐκκρεμεῖς ὑποθέσεις καὶ ἀπεφάσισε τὰ ἑξῆς ἐπὶ τῶν ἀγώνων τῆς παρελθούσης Κυριακῆς. Οἱ σύνδεσμοι καλοῦνται ὅπως συμμορφωθῶσι πρὸς τὰς ἀποφάσεις ταύτας ἐντὸς τῆς ὁρισθείσης προθεσμίας.

ΔΙΚΗΓΟΡΙΚΟΝ ΓΡΑΦΕΙΟΝ
ΧΑΡΑΛ. Ν. ΤΣΟΧΟΥ
ΤΕΩΣ ΑΡΧΙΣΥΝΤΑΚΤΟΥ «ΜΑΚΕΔΟΝΙΑΣ»
ΜΕΓΑΡΟΝ ΚΟΦΑ ΑΡ. 20 ΓΩΝΙΑ ΒΕΝΙΖΕΛΟΥ-ΤΣΙΜΙΣΚΗ
ΑΡΙΘΜΟΣ ΤΗΛΕΦΩΝΟΥ 10-38
Ἀναλαμβάνει: Ποινικὰς καὶ Πολιτικὰς ὑποθέσεις, ὡς καὶ διοικητικὰς δι' εἰδικοῦ τμήματος ὑπηρεσίας.
ΚΛΙΝΙΚΗ ΔΑΝ-ΣΜΠΑΡΟΥΝΗ
Ὁδὸς Ἴδρας 9 Τηλ. 2—73. (Τέρμα Τροχ. Λεωφόρου Στρατοῦ)

Ἡ ἐπιτροπὴ διαιτητῶν ἐν τῇ χθεσινῇ αὐτῆς συνεδριάσει ἐξήτασε τὰς ἐκκρεμεῖς ὑποθέσεις καὶ ἀπεφάσισε τὰ ἑξῆς ἐπὶ τῶν ἀγώνων τῆς παρελθούσης Κυριακῆς. Οἱ σύνδεσμοι καλοῦνται ὅπως συμμορφωθῶσι πρὸς τὰς ἀποφάσεις ταύτας ἐντὸς τῆς ὁρισθείσης προθεσμίας.

Ἡ ἐπιτροπὴ διαιτητῶν ἐν τῇ χθεσινῇ αὐτῆς συνεδριάσει ἐξήτασε τὰς ἐκκρεμεῖς ὑποθέσεις καὶ ἀπεφάσισε τὰ ἑξῆς ἐπὶ τῶν ἀγώνων τῆς παρελθούσης Κυριακῆς. Οἱ σύνδεσμοι καλοῦνται ὅπως συμμορφωθῶσι πρὸς τὰς ἀποφάσεις ταύτας ἐντὸς τῆς ὁρισθείσης προθεσμίας.

Ἡ ἐπιτροπὴ διαιτητῶν ἐν τῇ χθεσινῇ αὐτῆς συνεδριάσει ἐξήτασε τὰς ἐκκρεμεῖς ὑποθέσεις καὶ ἀπεφάσισε τὰ ἑξῆς ἐπὶ τῶν ἀγώνων τῆς παρελθούσης Κυριακῆς. Οἱ σύνδεσμοι καλοῦνται ὅπως συμμορφωθῶσι πρὸς τὰς ἀποφάσεις ταύτας ἐντὸς τῆς ὁρισθείσης προθεσμίας.

Α. ΠΟΛΙΤΗΣ
ΕΙΔΙΚΟΣ—ΙΑΤΡΟΣ

Ἡ ἐπιτροπὴ διαιτητῶν ἐν τῇ χθεσινῇ αὐτῆς συνεδριάσει ἐξήτασε τὰς ἐκκρεμεῖς ὑποθέσεις καὶ ἀπεφάσισε τὰ ἑξῆς ἐπὶ τῶν ἀγώνων τῆς παρελθούσης Κυριακῆς. Οἱ σύνδεσμοι καλοῦνται ὅπως συμμορφωθῶσι πρὸς τὰς ἀποφάσεις ταύτας ἐντὸς τῆς ὁρισθείσης προθεσμίας.

ΓΕΓΟΝΟΤΑ

Ἡ ἐπιτροπὴ διαιτητῶν ἐν τῇ χθεσινῇ αὐτῆς συνεδριάσει ἐξήτασε τὰς ἐκκρεμεῖς ὑποθέσεις καὶ ἀπεφάσισε τὰ ἑξῆς ἐπὶ τῶν ἀγώνων τῆς παρελθούσης Κυριακῆς. Οἱ σύνδεσμοι καλοῦνται ὅπως συμμορφωθῶσι πρὸς τὰς ἀποφάσεις ταύτας ἐντὸς τῆς ὁρισθείσης προθεσμίας.

ΑΝΑΧΩΡΗΣΕΙΣ

Ἡ ἐπιτροπὴ διαιτητῶν ἐν τῇ χθεσινῇ αὐτῆς συνεδριάσει ἐξήτασε τὰς ἐκκρεμεῖς ὑποθέσεις καὶ ἀπεφάσισε τὰ ἑξῆς ἐπὶ τῶν ἀγώνων τῆς παρελθούσης Κυριακῆς. Οἱ σύνδεσμοι καλοῦνται ὅπως συμμορφωθῶσι πρὸς τὰς ἀποφάσεις ταύτας ἐντὸς τῆς ὁρισθείσης προθεσμίας.

ΤΟ ΔΡΑΜΑ ΕΠΙΤΡΟΠΕΥΣ

Ἡ ἐπιτροπὴ διαιτητῶν ἐν τῇ χθεσινῇ αὐτῆς συνεδριάσει ἐξήτασε τὰς ἐκκρεμεῖς ὑποθέσεις καὶ ἀπεφάσισε τὰ ἑξῆς ἐπὶ τῶν ἀγώνων τῆς παρελθούσης Κυριακῆς. Οἱ σύνδεσμοι καλοῦνται ὅπως συμμορφωθῶσι πρὸς τὰς ἀποφάσεις ταύτας ἐντὸς τῆς ὁρισθείσης προθεσμίας.

ΚΑΤΑΔΙΚΗ ΑΞΙΩΜΑΤΙΚΟΥ

Ἡ ἐπιτροπὴ διαιτητῶν ἐν τῇ χθεσινῇ αὐτῆς συνεδριάσει ἐξήτασε τὰς ἐκκρεμεῖς ὑποθέσεις καὶ ἀπεφάσισε τὰ ἑξῆς ἐπὶ τῶν ἀγώνων τῆς παρελθούσης Κυριακῆς. Οἱ σύνδεσμοι καλοῦνται ὅπως συμμορφωθῶσι πρὸς τὰς ἀποφάσεις ταύτας ἐντὸς τῆς ὁρισθείσης προθεσμίας.

ΕΠΑΝΟΔΟΣ ΙΑΤΡΟΥ

Ἡ ἐπιτροπὴ διαιτητῶν ἐν τῇ χθεσινῇ αὐτῆς συνεδριάσει ἐξήτασε τὰς ἐκκρεμεῖς ὑποθέσεις καὶ ἀπεφάσισε τὰ ἑξῆς ἐπὶ τῶν ἀγώνων τῆς παρελθούσης Κυριακῆς. Οἱ σύνδεσμοι καλοῦνται ὅπως συμμορφωθῶσι πρὸς τὰς ἀποφάσεις ταύτας ἐντὸς τῆς ὁρισθείσης προθεσμίας.

ΜΙΑ ΔΙΑΨΕΥΣΙΣ

Ἡ ἐπιτροπὴ διαιτητῶν ἐν τῇ χθεσινῇ αὐτῆς συνεδριάσει ἐξήτασε τὰς ἐκκρεμεῖς ὑποθέσεις καὶ ἀπεφάσισε τὰ ἑξῆς ἐπὶ τῶν ἀγώνων τῆς παρελθούσης Κυριακῆς. Οἱ σύνδεσμοι καλοῦνται ὅπως συμμορφωθῶσι πρὸς τὰς ἀποφάσεις ταύτας ἐντὸς τῆς ὁρισθείσης προθεσμίας.

ΟΙ ΠΡΩΤ/ΣΙΟΙ

Ἡ ἐπιτροπὴ διαιτητῶν ἐν τῇ χθεσινῇ αὐτῆς συνεδριάσει ἐξήτασε τὰς ἐκκρεμεῖς ὑποθέσεις καὶ ἀπεφάσισε τὰ ἑξῆς ἐπὶ τῶν ἀγώνων τῆς παρελθούσης Κυριακῆς. Οἱ σύνδεσμοι καλοῦνται ὅπως συμμορφωθῶσι πρὸς τὰς ἀποφάσεις ταύτας ἐντὸς τῆς ὁρισθείσης προθεσμίας.

ΤΑ ΘΥΜΑΤΑ ΠΟΛΕΜΟΥ

Ἡ ἐπιτροπὴ διαιτητῶν ἐν τῇ χθεσινῇ αὐτῆς συνεδριάσει ἐξήτασε τὰς ἐκκρεμεῖς ὑποθέσεις καὶ ἀπεφάσισε τὰ ἑξῆς ἐπὶ τῶν ἀγώνων τῆς παρελθούσης Κυριακῆς. Οἱ σύνδεσμοι καλοῦνται ὅπως συμμορφωθῶσι πρὸς τὰς ἀποφάσεις ταύτας ἐντὸς τῆς ὁρισθείσης προθεσμίας.

Ο. ΠΟΛΥΧΡΟΝΙΑΔΗΣ

Ἡ ἐπιτροπὴ διαιτητῶν ἐν τῇ χθεσινῇ αὐτῆς συνεδριάσει ἐξήτασε τὰς ἐκκρεμεῖς ὑποθέσεις καὶ ἀπεφάσισε τὰ ἑξῆς ἐπὶ τῶν ἀγώνων τῆς παρελθούσης Κυριακῆς. Οἱ σύνδεσμοι καλοῦνται ὅπως συμμορφωθῶσι πρὸς τὰς ἀποφάσεις ταύτας ἐντὸς τῆς ὁρισθείσης προθεσμίας.

ΕΠΑΝΟΔΟΣ ΙΑΤΡΟΥ
Π. Σ. ΓΕΩΡΓΑΝΤΙΔΗΣ

Ἡ ἐπιτροπὴ διαιτητῶν ἐν τῇ χθεσινῇ αὐτῆς συνεδριάσει ἐξήτασε τὰς ἐκκρεμεῖς ὑποθέσεις καὶ ἀπεφάσισε τὰ ἑξῆς ἐπὶ τῶν ἀγώνων τῆς παρελθούσης Κυριακῆς. Οἱ σύνδεσμοι καλοῦνται ὅπως συμμορφωθῶσι πρὸς τὰς ἀποφάσεις ταύτας ἐντὸς τῆς ὁρισθείσης προθεσμίας.

ΖΗΤΕΙΤΑΙ
ΟΙΚΟΝΟΜΙΚΟ
Δρ. ΠΑΝ. Ι. ΤΑΛΙΑΝΙΔΗΣ
ΙΩ. ΔΕΛΗΓΙΑΝΝΑΚΗΣ
ΧΕΙΡΟΥΡΓΟΣ-ΓΥΝΑΙΚΟΛΟΓΟΣ
Ν. ΔΑΜΙΑΝΙΔΗΣ (Ἰατρός)
ΑΓΗΣ ΚΟΧΟΡΗΣ
Ε. ΚΟΛΙΟΥΣΚΑΣ
Π. ΤΖΑΙΓΟΠΟΥΛΟΣ
ΦΙΝΟΚΤΗΜΩΝ ΜΙΧΑΗΛ
ΠΑΘΟΛΟΓΟΣ
ΑΘΑΝΑΣΙΟΣ ΤΖΙΡΙΤΗΣ
ΠΡΟΣ ΕΞΥΠΗΡΕΤΗΣΙΝ ΤΩΝ ΠΡΟΣΦΥΓΩΝ

Ἡ ἐπιτροπὴ διαιτητῶν ἐν τῇ χθεσινῇ αὐτῆς συνεδριάσει ἐξήτασε τὰς ἐκκρεμεῖς ὑποθέσεις καὶ ἀπεφάσισε τὰ ἑξῆς ἐπὶ τῶν ἀγώνων τῆς παρελθούσης Κυριακῆς. Οἱ σύνδεσμοι καλοῦνται ὅπως συμμορφωθῶσι πρὸς τὰς ἀποφάσεις ταύτας ἐντὸς τῆς ὁρισθείσης προθεσμίας.

ΘΕΟΔΩΡΟΣ ΚΑΡΑΜΗΤΣΟΥ
ΑΚΤΙΝΕΣ Χ
